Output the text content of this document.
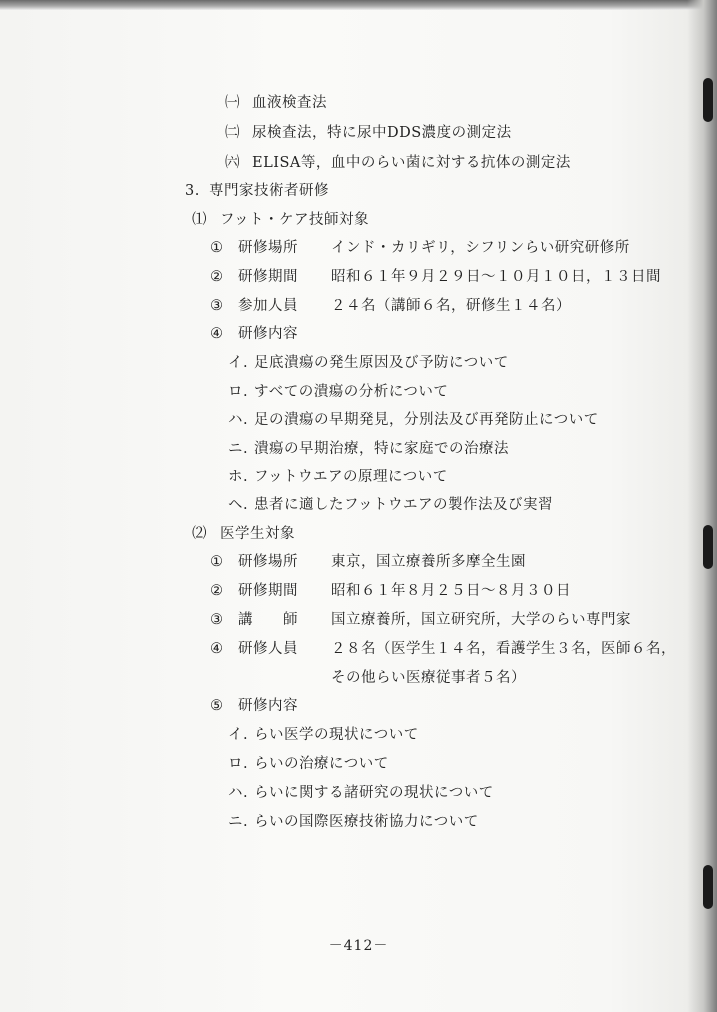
㈠ 血液検査法
㈡ 尿検査法，特に尿中DDS濃度の測定法
㈥ ELISA等，血中のらい菌に対する抗体の測定法
3. 専門家技術者研修
⑴ フット・ケア技師対象
① 研修場所 インド・カリギリ，シフリンらい研究研修所
② 研修期間 昭和６１年９月２９日〜１０月１０日，１３日間
③ 参加人員 ２４名（講師６名，研修生１４名）
④ 研修内容
イ. 足底潰瘍の発生原因及び予防について
ロ. すべての潰瘍の分析について
ハ. 足の潰瘍の早期発見，分別法及び再発防止について
ニ. 潰瘍の早期治療，特に家庭での治療法
ホ. フットウエアの原理について
ヘ. 患者に適したフットウエアの製作法及び実習
⑵ 医学生対象
① 研修場所 東京，国立療養所多摩全生園
② 研修期間 昭和６１年８月２５日〜８月３０日
③ 講　　師 国立療養所，国立研究所，大学のらい専門家
④ 研修人員 ２８名（医学生１４名，看護学生３名，医師６名，
その他らい医療従事者５名）
⑤ 研修内容
イ. らい医学の現状について
ロ. らいの治療について
ハ. らいに関する諸研究の現状について
ニ. らいの国際医療技術協力について
－412－
